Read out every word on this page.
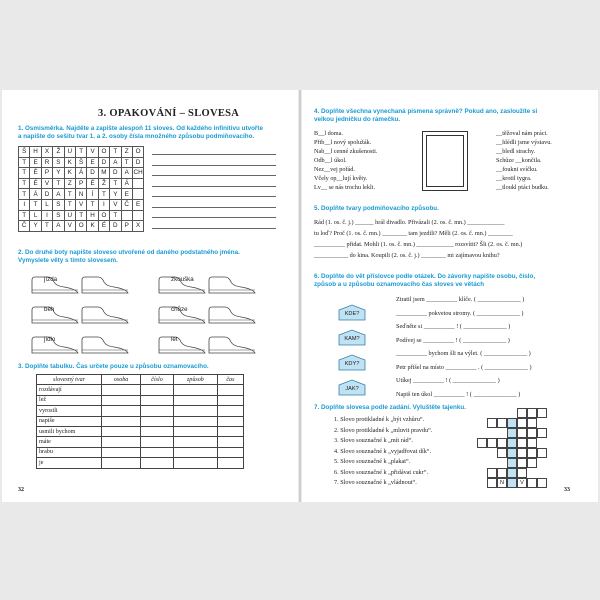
3. OPAKOVÁNÍ – SLOVESA
1. Osmisměrka. Najděte a zapište alespoň 11 sloves. Od každého infinitivu utvořte
a napište do sešitu tvar 1. a 2. osoby čísla množného způsobu podmiňovacího.
Š	H	X	Ž	U	T	V	O	T	Z	O
T	E	R	S	K	Š	E	D	A	T	D
T	É	P	Y	K	Á	D	M	D	A	CH
T	É	V	T	Z	P	É	Ž	T	Á	
T	Á	D	A	T	N	Í	T	Y	E	
I	T	L	S	T	V	T	I	V	Č	E
T	L	I	S	U	T	H	O	T		
Č	Y	T	A	V	O	K	É	D	P	X
2. Do druhé boty napište sloveso utvořené od daného podstatného jména.
Vymyslete věty s tímto slovesem.
jízda	zkouška
běh	chůze
jídlo	let
3. Doplňte tabulku. Čas určete pouze u způsobu oznamovacího.
slovesný tvar	osoba	číslo	způsob	čas
rozdávají				
lež				
vyrostli				
napiše				
usmili bychom				
máte				
hrabu				
je				
32
4. Doplňte všechna vynechaná písmena správně? Pokud ano, zasloužíte si
velkou jedničku do rámečku.
B__l doma.
Přib__l nový spolužák.
Nab__l cenné zkušenosti.
Odb__l úkol.
Nez__vej pořád.
Včely op__lují květy.
Lv__ se nás trochu lekli.
__těžoval nám práci.
__hlédli jsme výstavu.
__bledl strachy.
Schůze __končila.
__foukni svíčku.
__krotil tygra.
__tloukl ptáci budku.
5. Doplňte tvary podmiňovacího způsobu.
Rád (1. os. č. j.) ______ hrál divadlo. Přivázali (2. os. č. mn.) ____________
tu loď? Proč (1. os. č. mn.) ________ tam jezdili? Měli (2. os. č. mn.) ________
__________ přidat. Mohli (1. os. č. mn.) ____________ rozsvítit? Šli (2. os. č. mn.)
___________ do kina. Koupili (2. os. č. j.) ________ mi zajímavou knihu?
6. Doplňte do vět příslovce podle otázek. Do závorky napište osobu, číslo,
způsob a u způsobu oznamovacího čas sloves ve větách
KDE?
KAM?
KDY?
JAK?
Ztratil jsem __________ klíče. ( ______________ )
__________ pokvetou stromy. ( ______________ )
Seďněte si __________ ! ( ______________ )
Podívej se __________ ! ( ______________ )
__________ bychom šli na výlet. ( ______________ )
Petr přišel na místo __________ . ( ______________ )
Utíkej __________ ! ( ______________ )
Napiš ten úkol __________ ! ( ______________ )
7. Doplňte slovesa podle zadání. Vyluštěte tajenku.
1. Slovo protikladné k „být vzhůru“.
2. Slovo protikladné k „mluvit pravdu“.
3. Slovo souznačné k „mít rád“.
4. Slovo souznačné k „vyjadřovat dík“.
5. Slovo souznačné k „plakat“.
6. Slovo souznačné k „přidávat cukr“.
7. Slovo souznačné k „vládnout“.	N	V
33
